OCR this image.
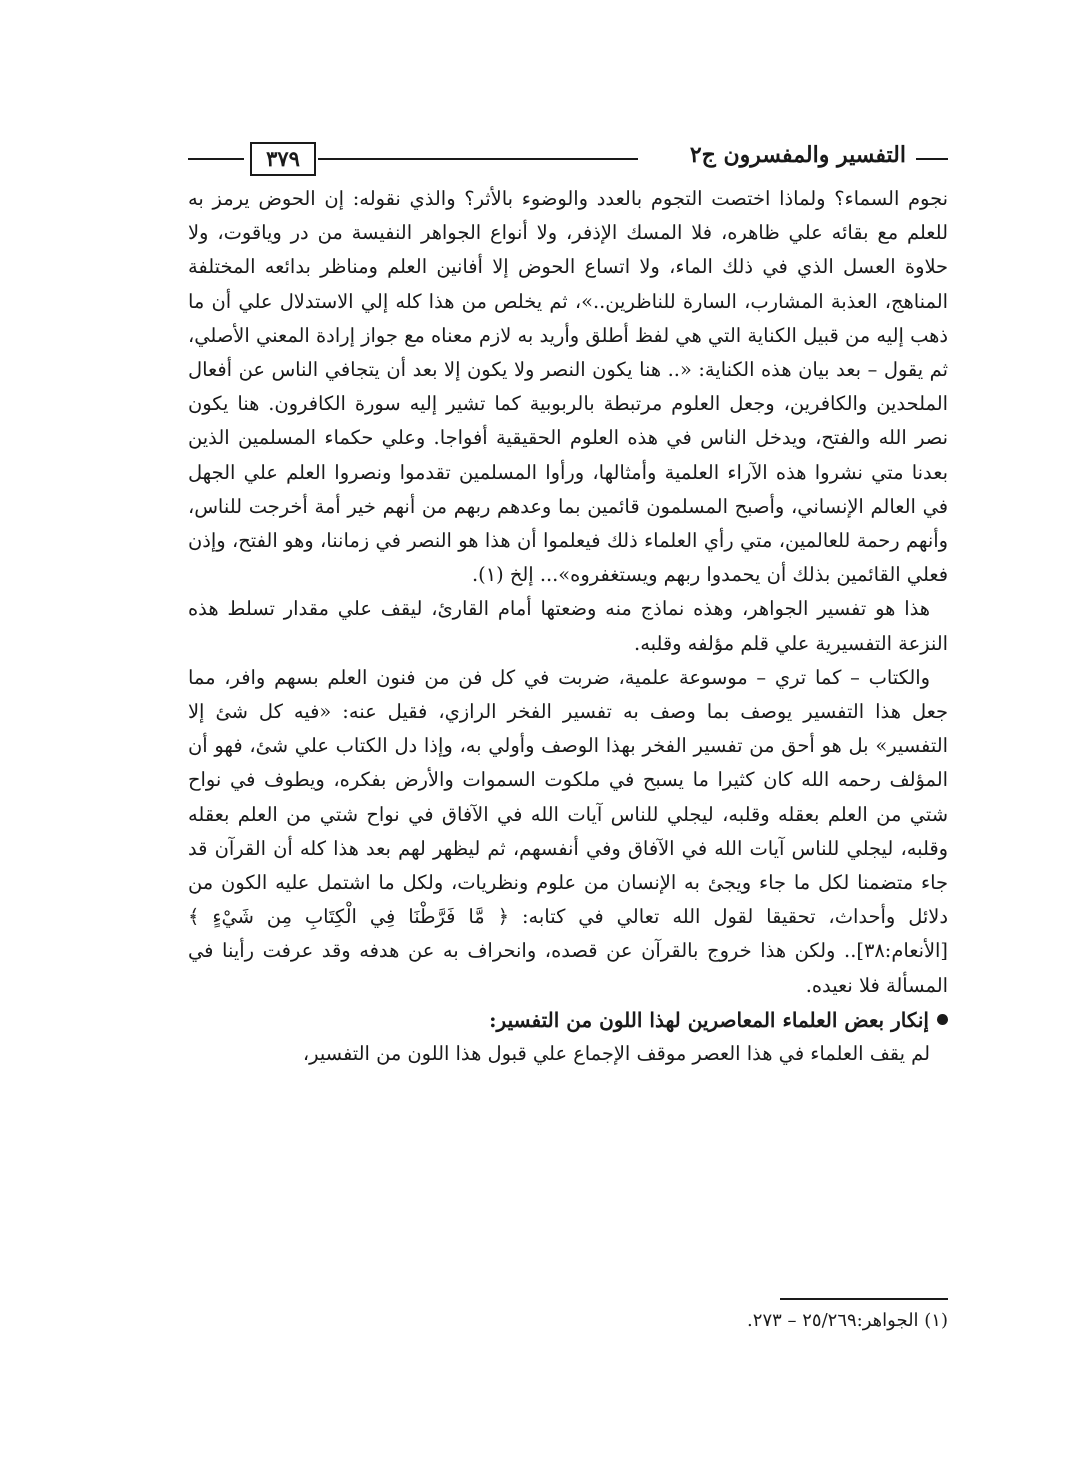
التفسير والمفسرون ج٢
٣٧٩

نجوم السماء؟ ولماذا اختصت التجوم بالعدد والوضوء بالأثر؟ والذي نقوله: إن الحوض يرمز به للعلم مع بقائه علي ظاهره، فلا المسك الإذفر، ولا أنواع الجواهر النفيسة من در وياقوت، ولا حلاوة العسل الذي في ذلك الماء، ولا اتساع الحوض إلا أفانين العلم ومناظر بدائعه المختلفة المناهج، العذبة المشارب، السارة للناظرين..»، ثم يخلص من هذا كله إلي الاستدلال علي أن ما ذهب إليه من قبيل الكناية التي هي لفظ أطلق وأريد به لازم معناه مع جواز إرادة المعني الأصلي، ثم يقول – بعد بيان هذه الكناية: «.. هنا يكون النصر ولا يكون إلا بعد أن يتجافي الناس عن أفعال الملحدين والكافرين، وجعل العلوم مرتبطة بالربوبية كما تشير إليه سورة الكافرون. هنا يكون نصر الله والفتح، ويدخل الناس في هذه العلوم الحقيقية أفواجا. وعلي حكماء المسلمين الذين بعدنا متي نشروا هذه الآراء العلمية وأمثالها، ورأوا المسلمين تقدموا ونصروا العلم علي الجهل في العالم الإنساني، وأصبح المسلمون قائمين بما وعدهم ربهم من أنهم خير أمة أخرجت للناس، وأنهم رحمة للعالمين، متي رأي العلماء ذلك فيعلموا أن هذا هو النصر في زماننا، وهو الفتح، وإذن فعلي القائمين بذلك أن يحمدوا ربهم ويستغفروه»... إلخ (١).

هذا هو تفسير الجواهر، وهذه نماذج منه وضعتها أمام القارئ، ليقف علي مقدار تسلط هذه النزعة التفسيرية علي قلم مؤلفه وقلبه.

والكتاب – كما تري – موسوعة علمية، ضربت في كل فن من فنون العلم بسهم وافر، مما جعل هذا التفسير يوصف بما وصف به تفسير الفخر الرازي، فقيل عنه: «فيه كل شئ إلا التفسير» بل هو أحق من تفسير الفخر بهذا الوصف وأولي به، وإذا دل الكتاب علي شئ، فهو أن المؤلف رحمه الله كان كثيرا ما يسبح في ملكوت السموات والأرض بفكره، ويطوف في نواح شتي من العلم بعقله وقلبه، ليجلي للناس آيات الله في الآفاق في نواح شتي من العلم بعقله وقلبه، ليجلي للناس آيات الله في الآفاق وفي أنفسهم، ثم ليظهر لهم بعد هذا كله أن القرآن قد جاء متضمنا لكل ما جاء ويجئ به الإنسان من علوم ونظريات، ولكل ما اشتمل عليه الكون من دلائل وأحداث، تحقيقا لقول الله تعالي في كتابه: ﴿ مَّا فَرَّطْنَا فِي الْكِتَابِ مِن شَيْءٍ ﴾ [الأنعام:٣٨].. ولكن هذا خروج بالقرآن عن قصده، وانحراف به عن هدفه وقد عرفت رأينا في المسألة فلا نعيده.

إنكار بعض العلماء المعاصرين لهذا اللون من التفسير:

لم يقف العلماء في هذا العصر موقف الإجماع علي قبول هذا اللون من التفسير،

(١) الجواهر:٢٥/٢٦٩ – ٢٧٣.
